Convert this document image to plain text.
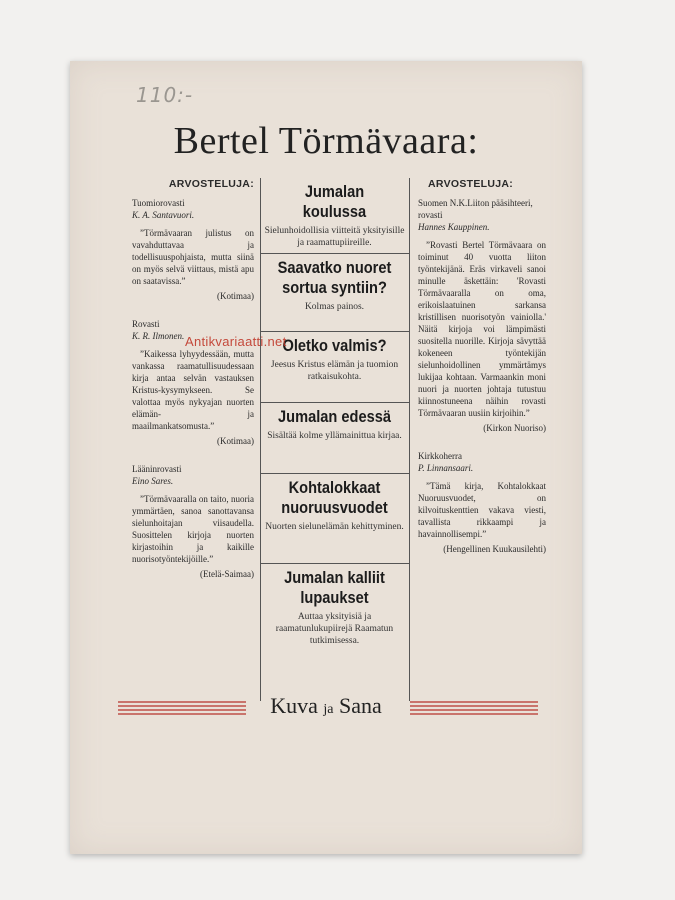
110:-
Bertel Törmävaara:
ARVOSTELUJA:
Tuomiorovasti
K. A. Santavuori.
”Törmävaaran julistus on vavahduttavaa ja todellisuuspohjaista, mutta siinä on myös selvä viittaus, mistä apu on saatavissa.”
(Kotimaa)
Rovasti
K. R. Ilmonen.
”Kaikessa lyhyydessään, mutta vankassa raamatullisuudessaan kirja antaa selvän vastauksen Kristus-kysymykseen. Se valottaa myös nykyajan nuorten elämän- ja maailmankatsomusta.”
(Kotimaa)
Lääninrovasti
Eino Sares.
”Törmävaaralla on taito, nuoria ymmärtäen, sanoa sanottavansa sielunhoitajan viisaudella. Suosittelen kirjoja nuorten kirjastoihin ja kaikille nuorisotyöntekijöille.”
(Etelä-Saimaa)
Jumalan koulussa
Sielunhoidollisia viitteitä yksityisille ja raamattupiireille.
Saavatko nuoret sortua syntiin?
Kolmas painos.
Oletko valmis?
Jeesus Kristus elämän ja tuomion ratkaisukohta.
Jumalan edessä
Sisältää kolme yllämainittua kirjaa.
Kohtalokkaat nuoruusvuodet
Nuorten sielunelämän kehittyminen.
Jumalan kalliit lupaukset
Auttaa yksityisiä ja raamatunlukupiirejä Raamatun tutkimisessa.
ARVOSTELUJA:
Suomen N.K.Liiton pääsihteeri, rovasti
Hannes Kauppinen.
”Rovasti Bertel Törmävaara on toiminut 40 vuotta liiton työntekijänä. Eräs virkaveli sanoi minulle äskettäin: 'Rovasti Törmävaaralla on oma, erikoislaatuinen sarkansa kristillisen nuorisotyön vainiolla.' Näitä kirjoja voi lämpimästi suositella nuorille. Kirjoja sävyttää kokeneen työntekijän sielunhoidollinen ymmärtämys lukijaa kohtaan. Varmaankin moni nuori ja nuorten johtaja tutustuu kiinnostuneena näihin rovasti Törmävaaran uusiin kirjoihin.”
(Kirkon Nuoriso)
Kirkkoherra
P. Linnansaari.
”Tämä kirja, Kohtalokkaat Nuoruusvuodet, on kilvoituskenttien vakava viesti, tavallista rikkaampi ja havainnollisempi.”
(Hengellinen Kuukausilehti)
Kuva ja Sana
Antikvariaatti.net
